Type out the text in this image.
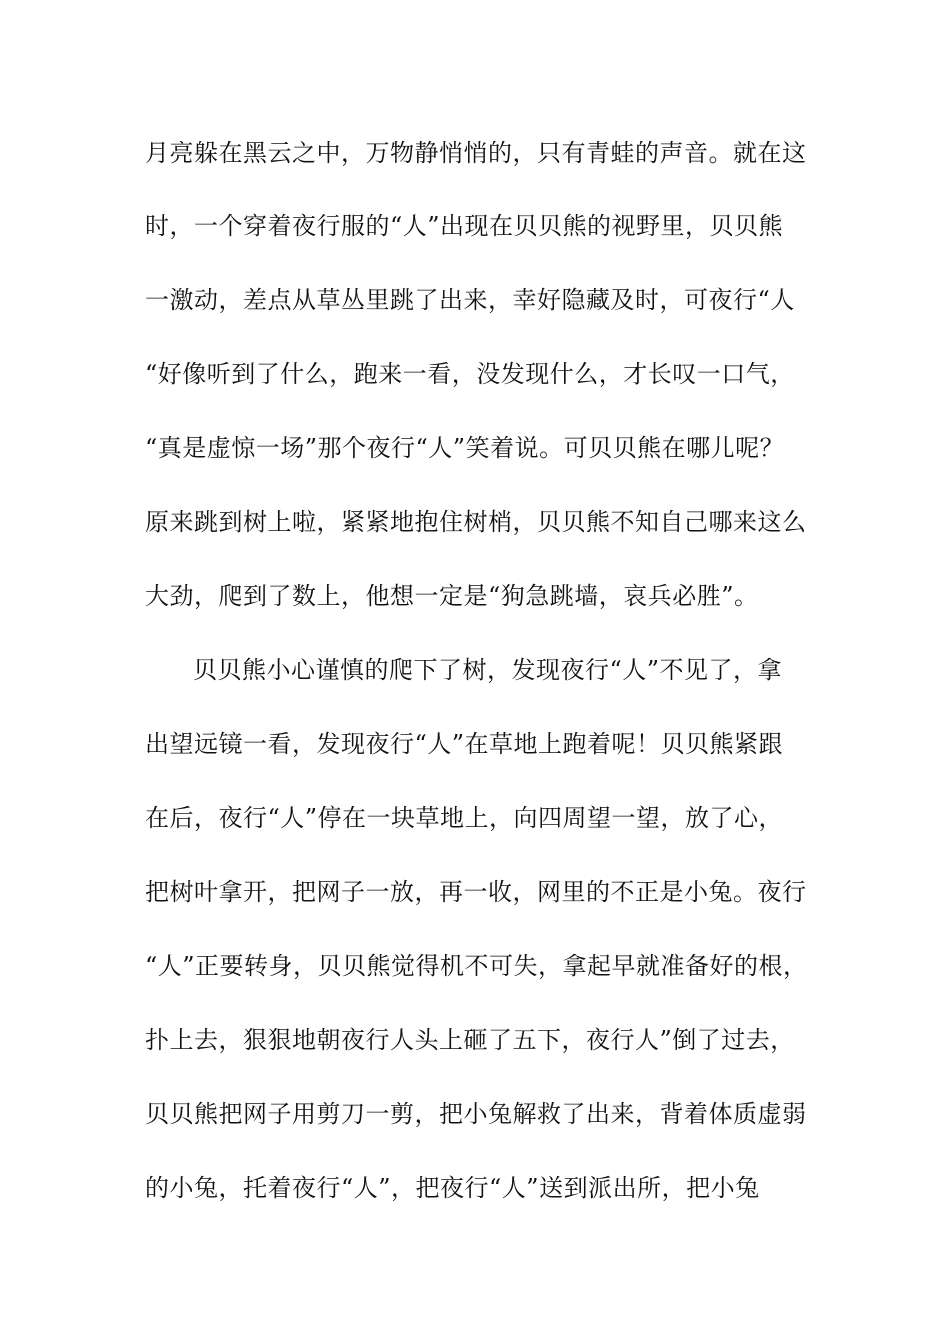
月亮躲在黑云之中，万物静悄悄的，只有青蛙的声音。就在这
时，一个穿着夜行服的“人”出现在贝贝熊的视野里，贝贝熊
一激动，差点从草丛里跳了出来，幸好隐藏及时，可夜行“人
“好像听到了什么，跑来一看，没发现什么，才长叹一口气，
“真是虚惊一场”那个夜行“人”笑着说。可贝贝熊在哪儿呢？
原来跳到树上啦，紧紧地抱住树梢，贝贝熊不知自己哪来这么
大劲，爬到了数上，他想一定是“狗急跳墙，哀兵必胜”。
贝贝熊小心谨慎的爬下了树，发现夜行“人”不见了，拿
出望远镜一看，发现夜行“人”在草地上跑着呢！贝贝熊紧跟
在后，夜行“人”停在一块草地上，向四周望一望，放了心，
把树叶拿开，把网子一放，再一收，网里的不正是小兔。夜行
“人”正要转身，贝贝熊觉得机不可失，拿起早就准备好的根，
扑上去，狠狠地朝夜行人头上砸了五下，夜行人”倒了过去，
贝贝熊把网子用剪刀一剪，把小兔解救了出来，背着体质虚弱
的小兔，托着夜行“人”，把夜行“人”送到派出所，把小兔
